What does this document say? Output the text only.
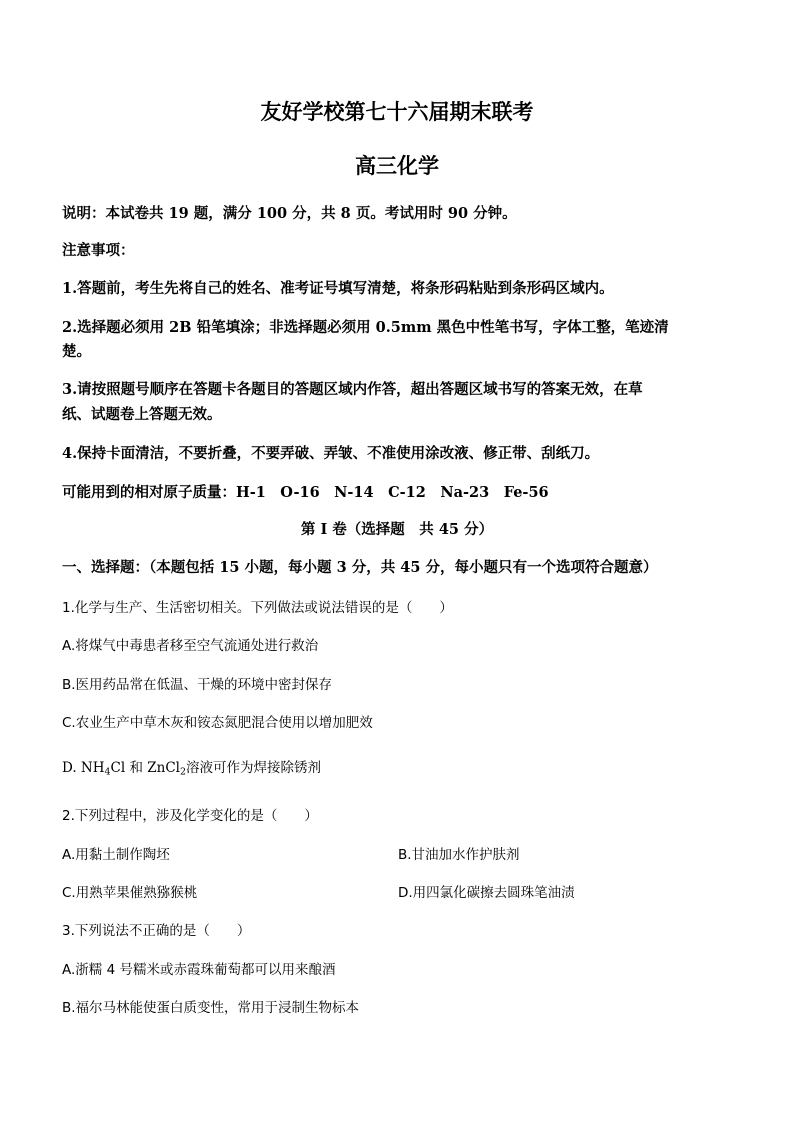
友好学校第七十六届期末联考
高三化学
说明：本试卷共 19 题，满分 100 分，共 8 页。考试用时 90 分钟。
注意事项：
1.答题前，考生先将自己的姓名、准考证号填写清楚，将条形码粘贴到条形码区域内。
2.选择题必须用 2B 铅笔填涂；非选择题必须用 0.5mm 黑色中性笔书写，字体工整，笔迹清
楚。
3.请按照题号顺序在答题卡各题目的答题区域内作答，超出答题区域书写的答案无效，在草
纸、试题卷上答题无效。
4.保持卡面清洁，不要折叠，不要弄破、弄皱、不准使用涂改液、修正带、刮纸刀。
可能用到的相对原子质量：H-1　O-16　N-14　C-12　Na-23　Fe-56
第 I 卷（选择题　共 45 分）
一、选择题：（本题包括 15 小题，每小题 3 分，共 45 分，每小题只有一个选项符合题意）
1.化学与生产、生活密切相关。下列做法或说法错误的是（　　）
A.将煤气中毒患者移至空气流通处进行救治
B.医用药品常在低温、干燥的环境中密封保存
C.农业生产中草木灰和铵态氮肥混合使用以增加肥效
D. $NH_4Cl$ 和 ZnCl$_2$溶液可作为焊接除锈剂
2.下列过程中，涉及化学变化的是（　　）
A.用黏土制作陶坯	B.甘油加水作护肤剂
C.用熟苹果催熟猕猴桃	D.用四氯化碳擦去圆珠笔油渍
3.下列说法不正确的是（　　）
A.浙糯 4 号糯米或赤霞珠葡萄都可以用来酿酒
B.福尔马林能使蛋白质变性，常用于浸制生物标本
